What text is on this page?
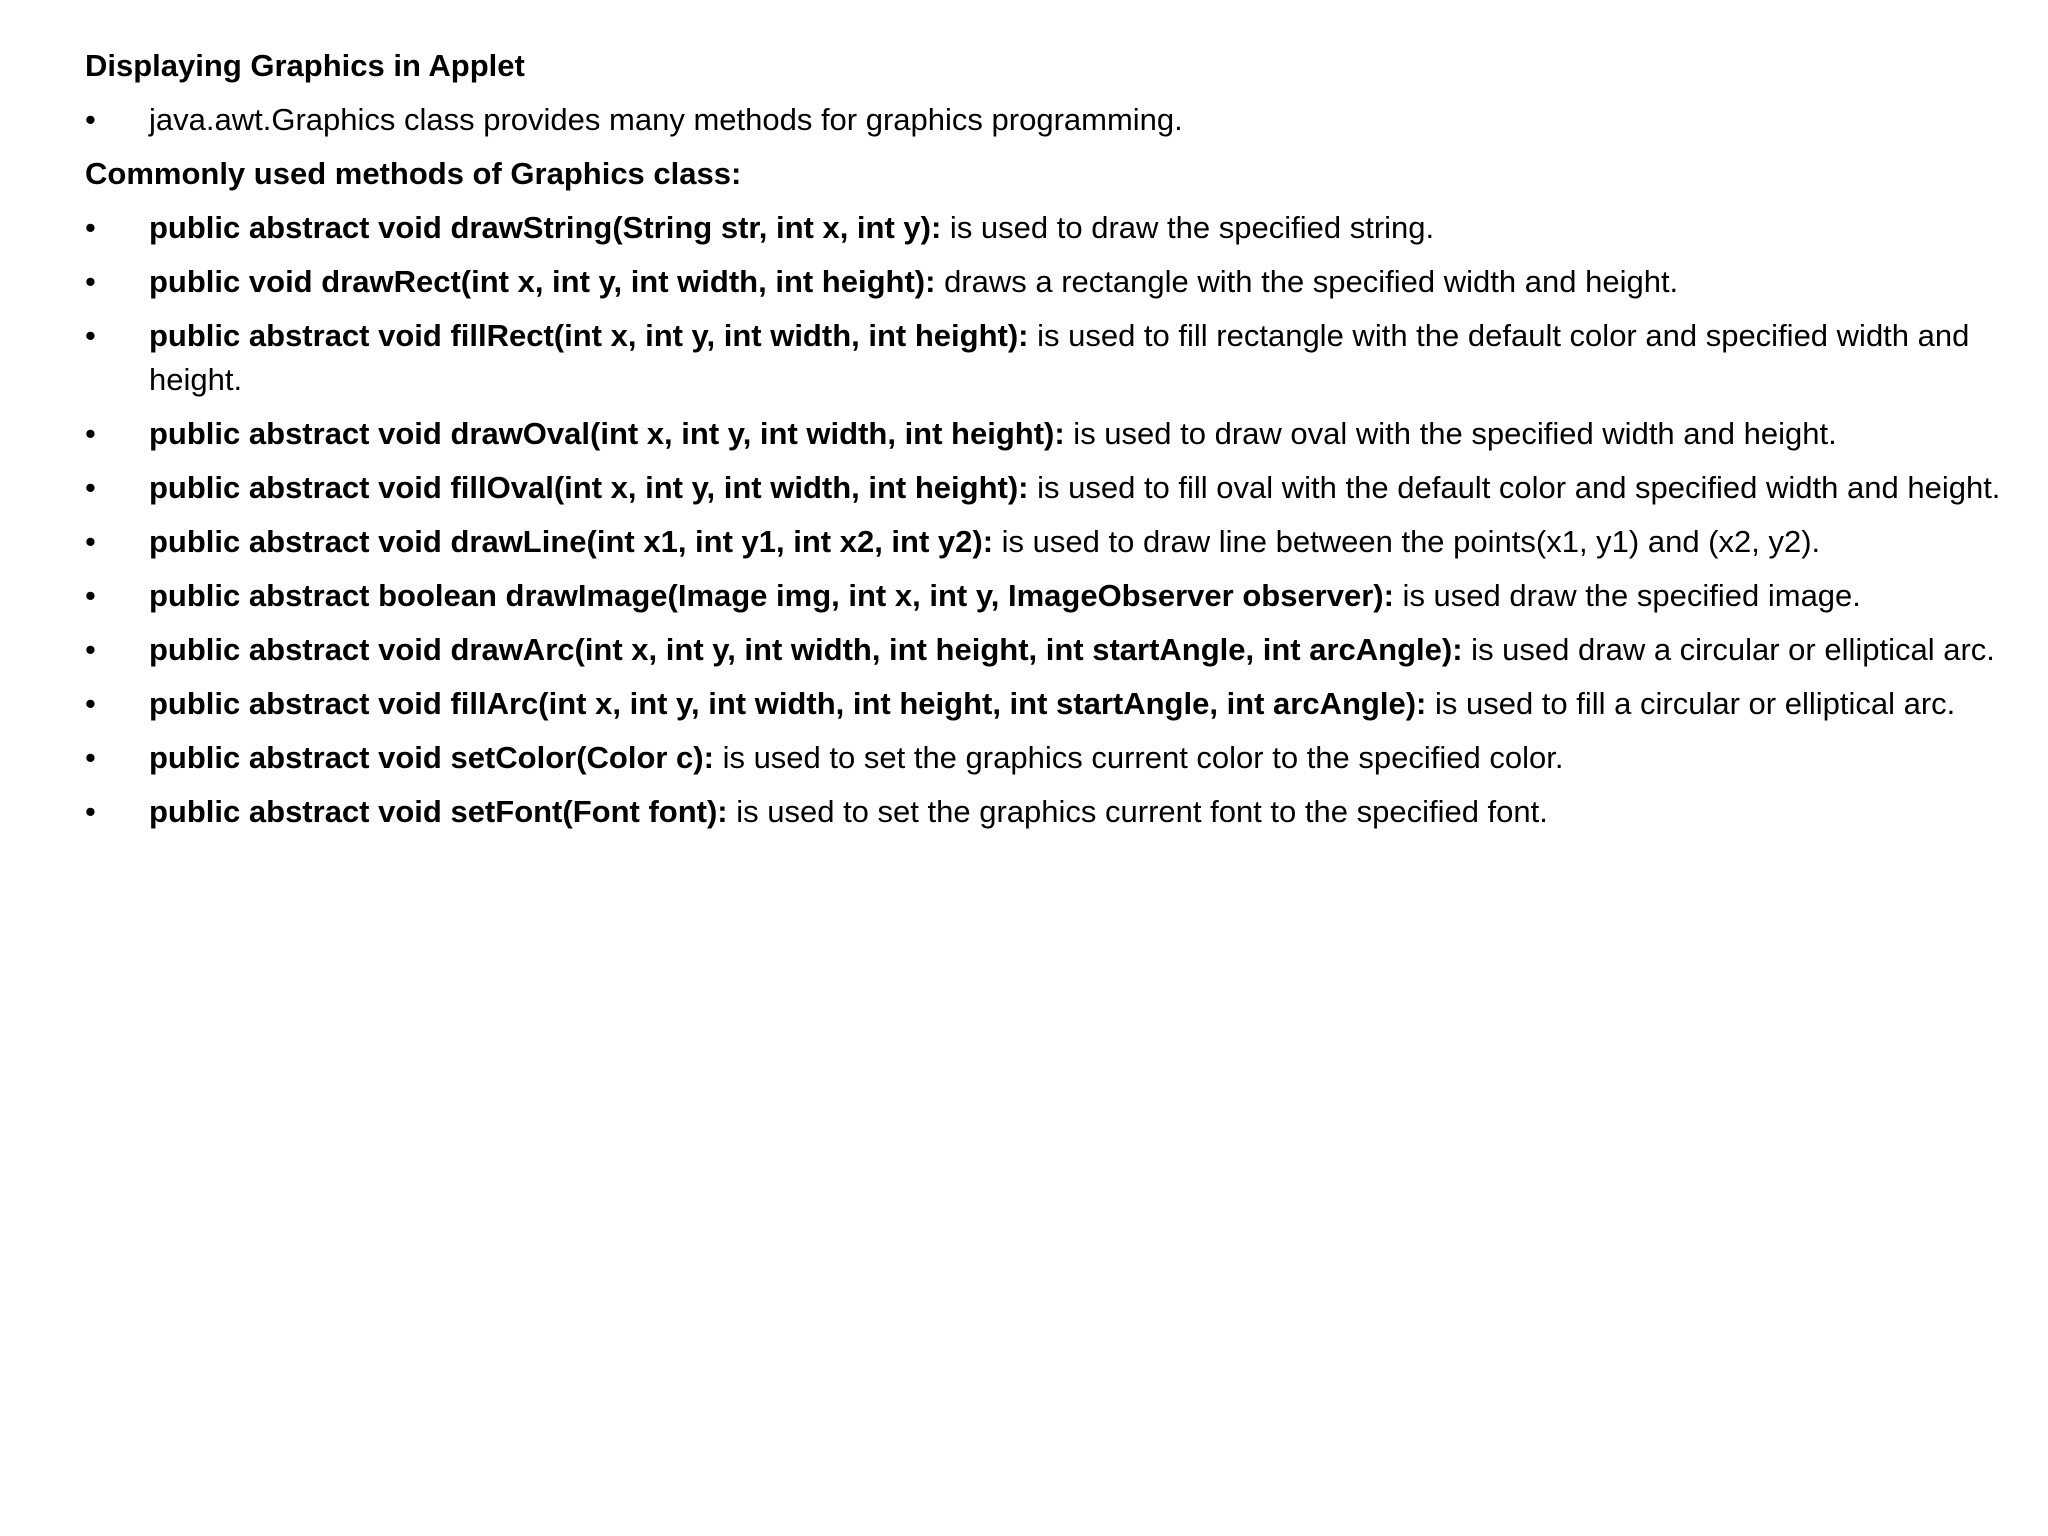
Displaying Graphics in Applet
• java.awt.Graphics class provides many methods for graphics programming.
Commonly used methods of Graphics class:
• public abstract void drawString(String str, int x, int y): is used to draw the specified string.
• public void drawRect(int x, int y, int width, int height): draws a rectangle with the specified width and height.
• public abstract void fillRect(int x, int y, int width, int height): is used to fill rectangle with the default color and specified width and height.
• public abstract void drawOval(int x, int y, int width, int height): is used to draw oval with the specified width and height.
• public abstract void fillOval(int x, int y, int width, int height): is used to fill oval with the default color and specified width and height.
• public abstract void drawLine(int x1, int y1, int x2, int y2): is used to draw line between the points(x1, y1) and (x2, y2).
• public abstract boolean drawImage(Image img, int x, int y, ImageObserver observer): is used draw the specified image.
• public abstract void drawArc(int x, int y, int width, int height, int startAngle, int arcAngle): is used draw a circular or elliptical arc.
• public abstract void fillArc(int x, int y, int width, int height, int startAngle, int arcAngle): is used to fill a circular or elliptical arc.
• public abstract void setColor(Color c): is used to set the graphics current color to the specified color.
• public abstract void setFont(Font font): is used to set the graphics current font to the specified font.
